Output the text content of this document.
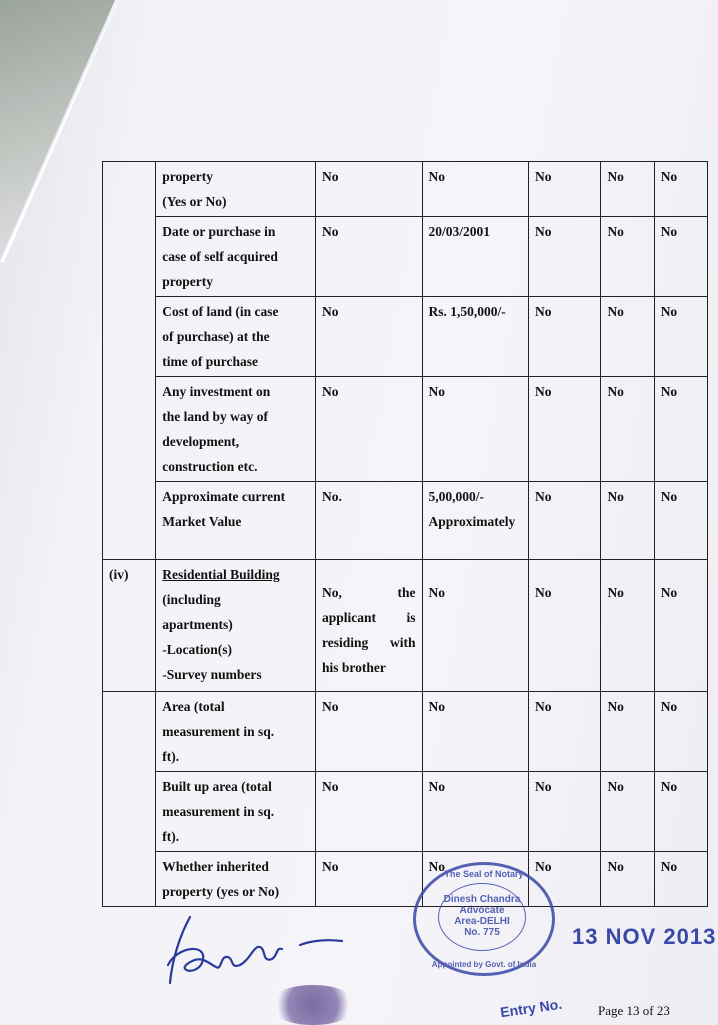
	property
(Yes or No)	No	No	No	No	No

	Date or purchase in
case of self acquired
property	No	20/03/2001	No	No	No

	Cost of land (in case
of purchase) at the
time of purchase	No	Rs. 1,50,000/-	No	No	No

	Any investment on
the land by way of
development,
construction etc.	No	No	No	No	No

	Approximate current
Market Value	No.	5,00,000/- Approximately	No	No	No
(iv)	Residential Building
(including
apartments)
-Location(s)
-Survey numbers	No, the applicant is residing with his brother	No	No	No	No

	Area (total
measurement in sq.
ft).	No	No	No	No	No

	Built up area (total
measurement in sq.
ft).	No	No	No	No	No

	Whether inherited
property (yes or No)	No	No	No	No	No
The Seal of Notary
Dinesh Chandra
Advocate
Area-DELHI
No. 775
Appointed by Govt. of India
13 NOV 2013
Entry No.	Page 13 of 23
